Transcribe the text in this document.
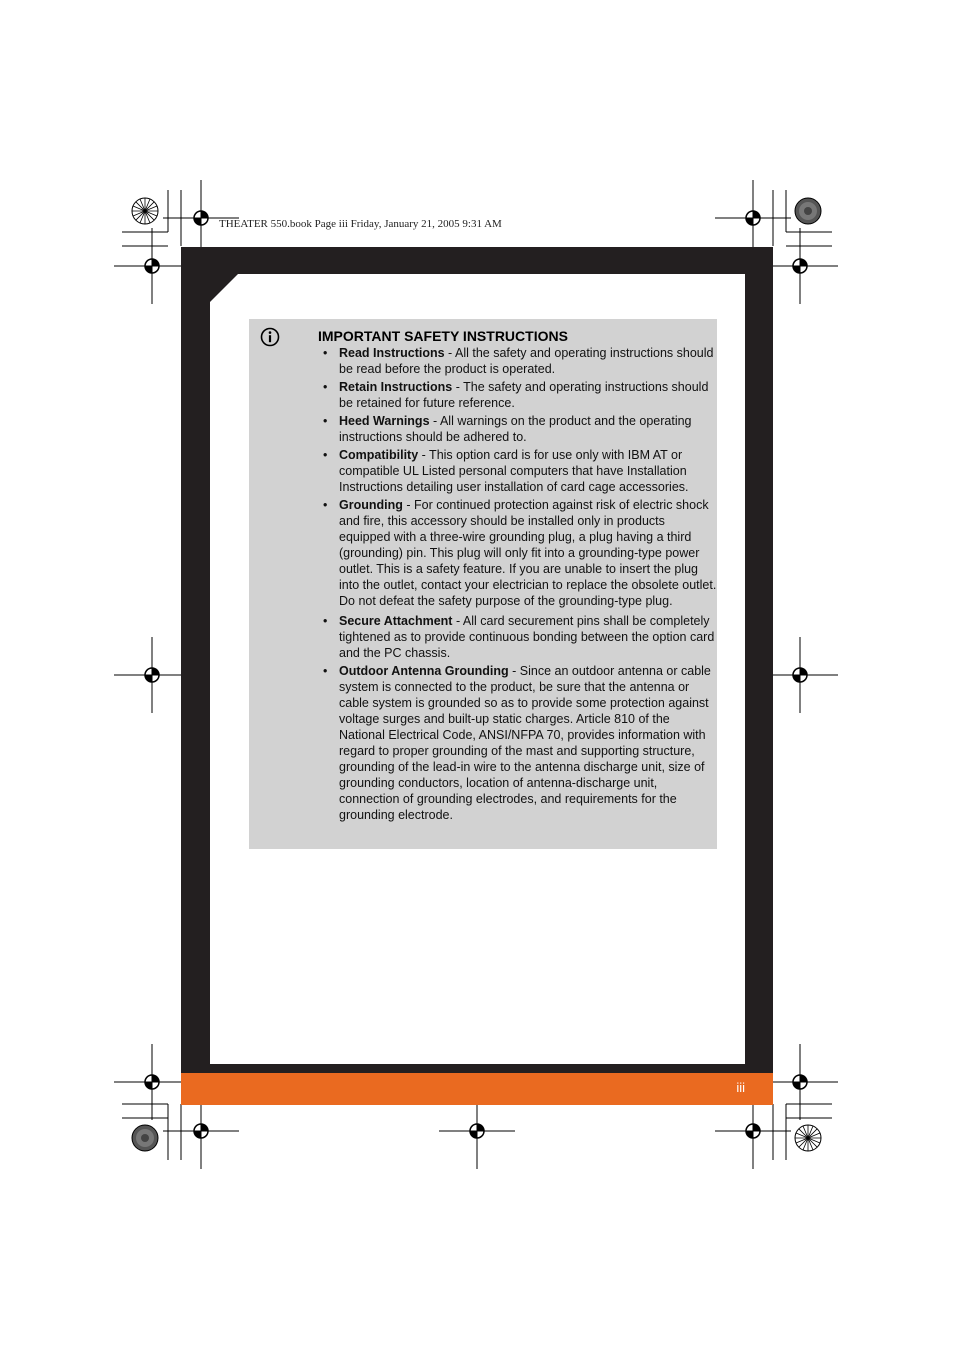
THEATER 550.book Page iii Friday, January 21, 2005 9:31 AM
iii
IMPORTANT SAFETY INSTRUCTIONS
• Read Instructions - All the safety and operating instructions should be read before the product is operated.
• Retain Instructions - The safety and operating instructions should be retained for future reference.
• Heed Warnings - All warnings on the product and the operating instructions should be adhered to.
• Compatibility - This option card is for use only with IBM AT or compatible UL Listed personal computers that have Installation Instructions detailing user installation of card cage accessories.
• Grounding - For continued protection against risk of electric shock and fire, this accessory should be installed only in products equipped with a three-wire grounding plug, a plug having a third (grounding) pin. This plug will only fit into a grounding-type power outlet. This is a safety feature. If you are unable to insert the plug into the outlet, contact your electrician to replace the obsolete outlet. Do not defeat the safety purpose of the grounding-type plug.
• Secure Attachment - All card securement pins shall be completely tightened as to provide continuous bonding between the option card and the PC chassis.
• Outdoor Antenna Grounding - Since an outdoor antenna or cable system is connected to the product, be sure that the antenna or cable system is grounded so as to provide some protection against voltage surges and built-up static charges. Article 810 of the National Electrical Code, ANSI/NFPA 70, provides information with regard to proper grounding of the mast and supporting structure, grounding of the lead-in wire to the antenna discharge unit, size of grounding conductors, location of antenna-discharge unit, connection of grounding electrodes, and requirements for the grounding electrode.
